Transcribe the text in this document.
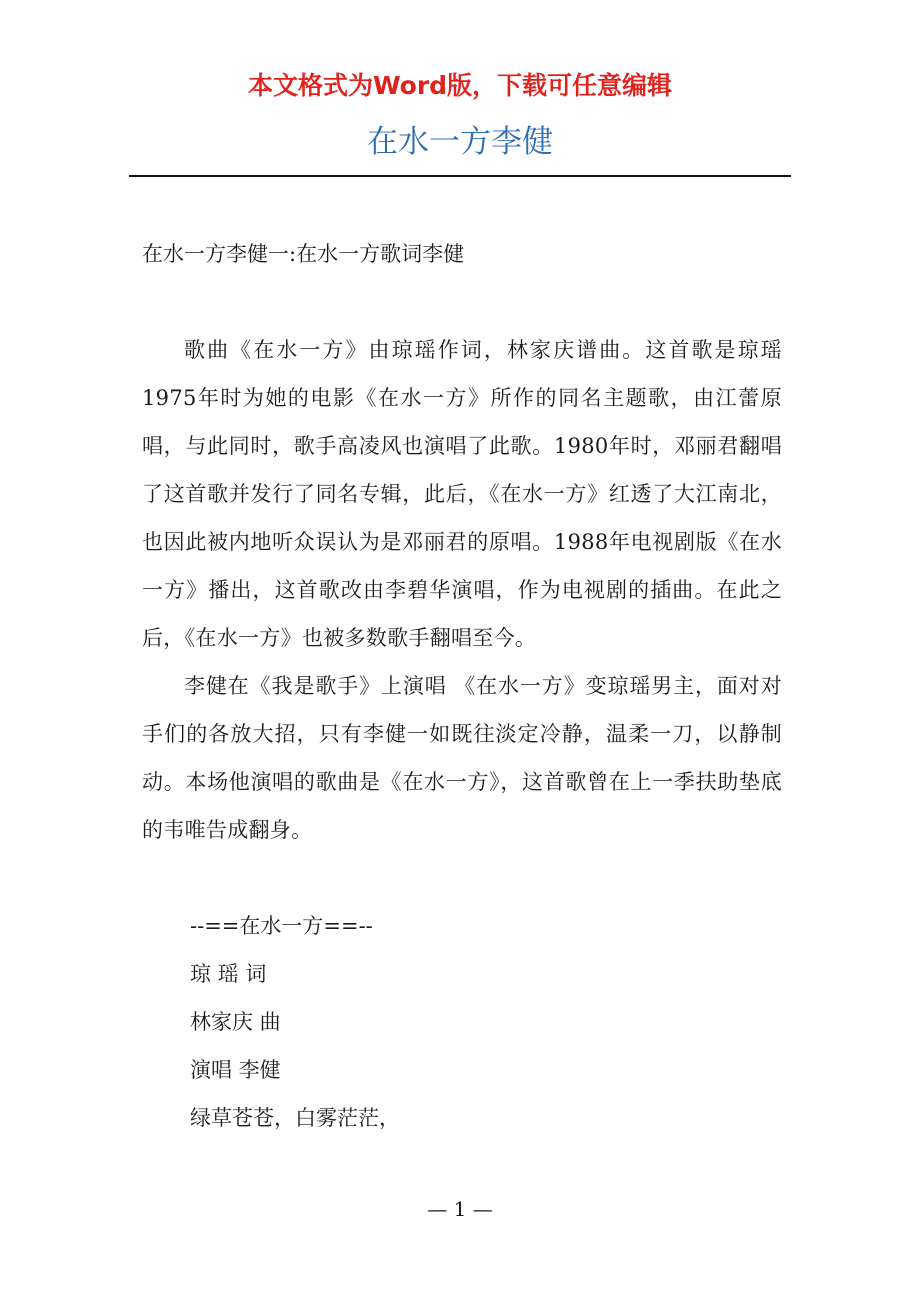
本文格式为Word版，下载可任意编辑

在水一方李健

在水一方李健一:在水一方歌词李健

歌曲《在水一方》由琼瑶作词，林家庆谱曲。这首歌是琼瑶1975年时为她的电影《在水一方》所作的同名主题歌，由江蕾原唱，与此同时，歌手高凌风也演唱了此歌。1980年时，邓丽君翻唱了这首歌并发行了同名专辑，此后，《在水一方》红透了大江南北，也因此被内地听众误认为是邓丽君的原唱。1988年电视剧版《在水一方》播出，这首歌改由李碧华演唱，作为电视剧的插曲。在此之后，《在水一方》也被多数歌手翻唱至今。

李健在《我是歌手》上演唱 《在水一方》变琼瑶男主，面对对手们的各放大招，只有李健一如既往淡定冷静，温柔一刀，以静制动。本场他演唱的歌曲是《在水一方》，这首歌曾在上一季扶助垫底的韦唯告成翻身。

--==在水一方==--

琼 瑶 词

林家庆 曲

演唱 李健

绿草苍苍，白雾茫茫，

— 1 —
